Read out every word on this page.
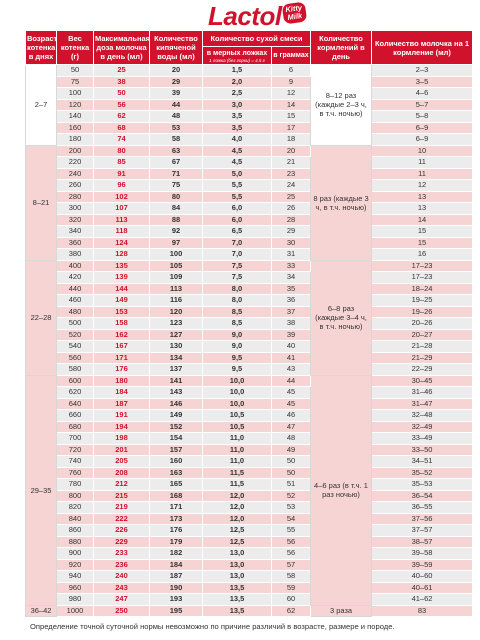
Lactol Kitty
Milk
Возраст котенка в днях	Вес котенка (г)	Максимальная доза молочка в день (мл)	Количество кипяченой воды (мл)	Количество сухой смеси		Количество кормлений в день	Количество молочка на 1 кормление (мл)
				в мерных ложках
1 ложка (без горки) = 4,5 г	в граммах		
2–7	50	25	20	1,5	6	8–12 раз (каждые 2–3 ч, в т.ч. ночью)	2–3
	75	38	29	2,0	9		3–5
	100	50	39	2,5	12		4–6
	120	56	44	3,0	14		5–7
	140	62	48	3,5	15		5–8
	160	68	53	3,5	17		6–9
	180	74	58	4,0	18		6–9
8–21	200	80	63	4,5	20	8 раз (каждые 3 ч, в т.ч. ночью)	10
	220	85	67	4,5	21		11
	240	91	71	5,0	23		11
	260	96	75	5,5	24		12
	280	102	80	5,5	25		13
	300	107	84	6,0	26		13
	320	113	88	6,0	28		14
	340	118	92	6,5	29		15
	360	124	97	7,0	30		15
	380	128	100	7,0	31		16
22–28	400	135	105	7,5	33	6–8 раз (каждые 3–4 ч, в т.ч. ночью)	17–23
	420	139	109	7,5	34		17–23
	440	144	113	8,0	35		18–24
	460	149	116	8,0	36		19–25
	480	153	120	8,5	37		19–26
	500	158	123	8,5	38		20–26
	520	162	127	9,0	39		20–27
	540	167	130	9,0	40		21–28
	560	171	134	9,5	41		21–29
	580	176	137	9,5	43		22–29
29–35	600	180	141	10,0	44	4–6 раз (в т.ч. 1 раз ночью)	30–45
	620	184	143	10,0	45		31–46
	640	187	146	10,0	45		31–47
	660	191	149	10,5	46		32–48
	680	194	152	10,5	47		32–49
	700	198	154	11,0	48		33–49
	720	201	157	11,0	49		33–50
	740	205	160	11,0	50		34–51
	760	208	163	11,5	50		35–52
	780	212	165	11,5	51		35–53
	800	215	168	12,0	52		36–54
	820	219	171	12,0	53		36–55
	840	222	173	12,0	54		37–56
	860	226	176	12,5	55		37–57
	880	229	179	12,5	56		38–57
	900	233	182	13,0	56		39–58
	920	236	184	13,0	57		39–59
	940	240	187	13,0	58		40–60
	960	243	190	13,5	59		40–61
	980	247	193	13,5	60		41–62
36–42	1000	250	195	13,5	62	3 раза	83
Определение точной суточной нормы невозможно по причине различий в возрасте, размере и породе.
